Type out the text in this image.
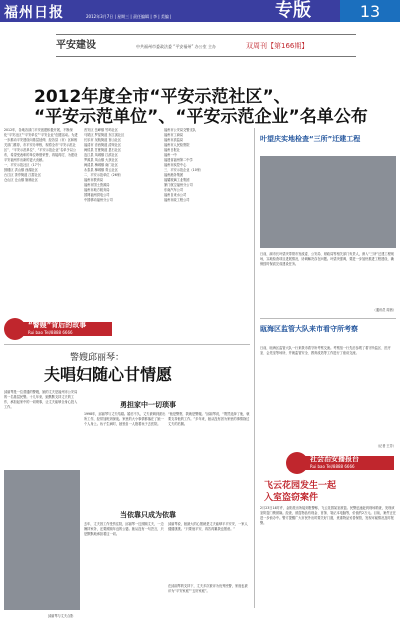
福州日报	2012年3月7日 | 星期三 | 责任编辑 | 李 | 美编 |	专版	13
平安建设	中共福州市委政法委 “平安福州” 办公室 主办	双周刊【第166期】
2012年度全市“平安示范社区”、
“平安示范单位”、“平安示范企业”名单公布
2012年，各地各部门平安创建积极开展，不断深化“平安社区”“平安单位”“平安企业”创建活动。为进一步推动平安建设向基层延伸，经各县（市）区和相关部门推荐，市平安办审核，现将全市“平安示范社区”、“平安示范单位”、“平安示范企业”名单予以公布，希望受表彰的单位珍惜荣誉，再接再厉，为建设平安福州作出新的更大贡献。
一、平安示范社区（17个）
鼓楼区 洪山镇 西湖社区
台江区 茶亭街道 江厝社区
仓山区 仓山镇 施埔社区
晋安区 岳峰镇 竹屿社区
马尾区 罗星街道 东江滨社区
长乐市 吴航街道 首山社区
福清市 音西街道 清荣社区
闽侯县 甘蔗街道 昙石社区
连江县 凤城镇 江滨社区
罗源县 凤山镇 大获社区
闽清县 梅城镇 南门社区
永泰县 樟城镇 青云社区
二、平安示范单位（26家）
福州市教育局
福州市国土资源局
福州市地方税务局
国网福州供电公司
中国移动福州分公司
福州市公安局交警支队
福州市工商局
福州市质监局
福州市人民检察院
福州日报社
福州一中
福建省福州第二中学
福州市疾控中心
三、平安示范企业（10家）
福州港务集团
福耀玻璃工业集团
厦门航空福州分公司
东南汽车公司
福州自来水公司
福州市政工程公司
叶望庆实地检查“三所”迁建工程
日前，副市长叶望庆带领市发改委、公安局、财政局等相关部门负责人，深入“三所”迁建工程现场，实地检查项目进展情况，协调解决存在问题。叶望庆强调，要进一步加快推进工程建设，确保按时保质完成建设任务。
（通讯员 周茜）
瓯海区监管大队来市看守所考察
日前，瓯海区监管大队一行来我市看守所考察交流。考察组一行先后参观了看守所监区、医疗室、会见室等场所，并就监管安全、教育改造等工作进行了座谈交流。
（记者 王芳）
“警嫂”背后的故事
Rui bao Tel/8888 6666
警嫂邱丽琴：
夫唱妇随心甘情愿
勇担家中一切琐事
邱丽琴是一位普通的警嫂，她的丈夫是福州市公安局的一名基层民警。十几年来，她默默支持丈夫的工作，承担起家中的一切琐事，让丈夫能够全身心投入工作。
邱丽琴与丈夫合影
1998年，邱丽琴与丈夫结婚。婚后不久，丈夫被调到派出所工作，经常加班到深夜。家里的大小事情都落在了她一个人身上。孩子生病时，她独自一人抱着孩子去医院。
“他是警察，我就是警嫂。”邱丽琴说，“既然选择了他，就要支持他的工作。”多年来，她从没有因为家里的事情拖过丈夫的后腿。
当依靠只成为依靠
去年，丈夫因工作受伤住院，邱丽琴一边照顾丈夫，一边操持家务，还要照顾年迈的公婆。她从没有一句怨言，只是默默地承担着这一切。
邱丽琴说，她最大的心愿就是丈夫能够平平安安，一家人健健康康。“只要他平安，再苦再累我也愿意。”
在邱丽琴的支持下，丈夫多次被评为优秀民警，家庭也被评为“平安家庭”“五好家庭”。
社会治安播报台
Rui bao Tel/8888 6666
飞云花园发生一起
入室盗窃案件
2月23日14时许，金阳派出所接到报警称，飞云花园某室被盗。民警迅速赶到现场勘查，发现该室防盗门锁被撬。经查，被盗物品有现金、首饰、笔记本电脑等，价值约2万元。目前，案件正在进一步侦办中。警方提醒广大市民外出时要关好门窗，贵重物品妥善保管，发现可疑情况及时报警。
